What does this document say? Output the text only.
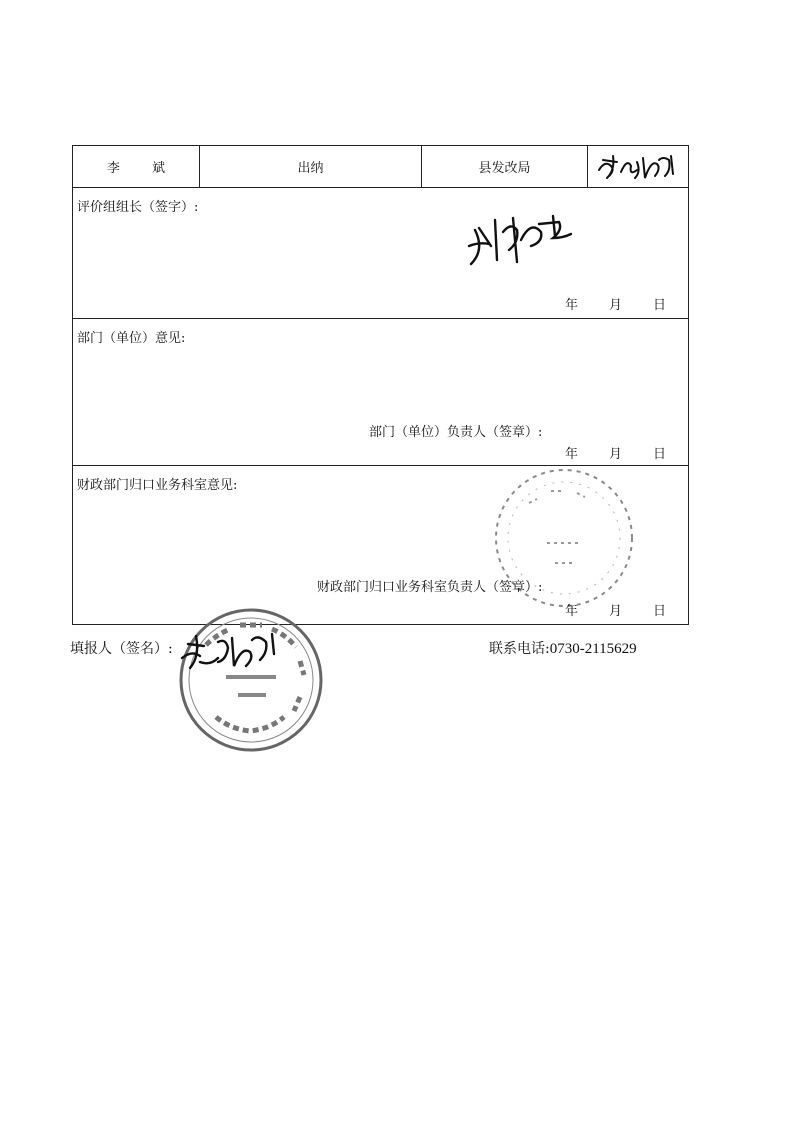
李 斌	出纳	县发改局
评价组组长（签字）:
年	月	日
部门（单位）意见:
部门（单位）负责人（签章）:
年	月	日
财政部门归口业务科室意见:
财政部门归口业务科室负责人（签章）:
年	月	日
填报人（签名）:	联系电话:0730-2115629
